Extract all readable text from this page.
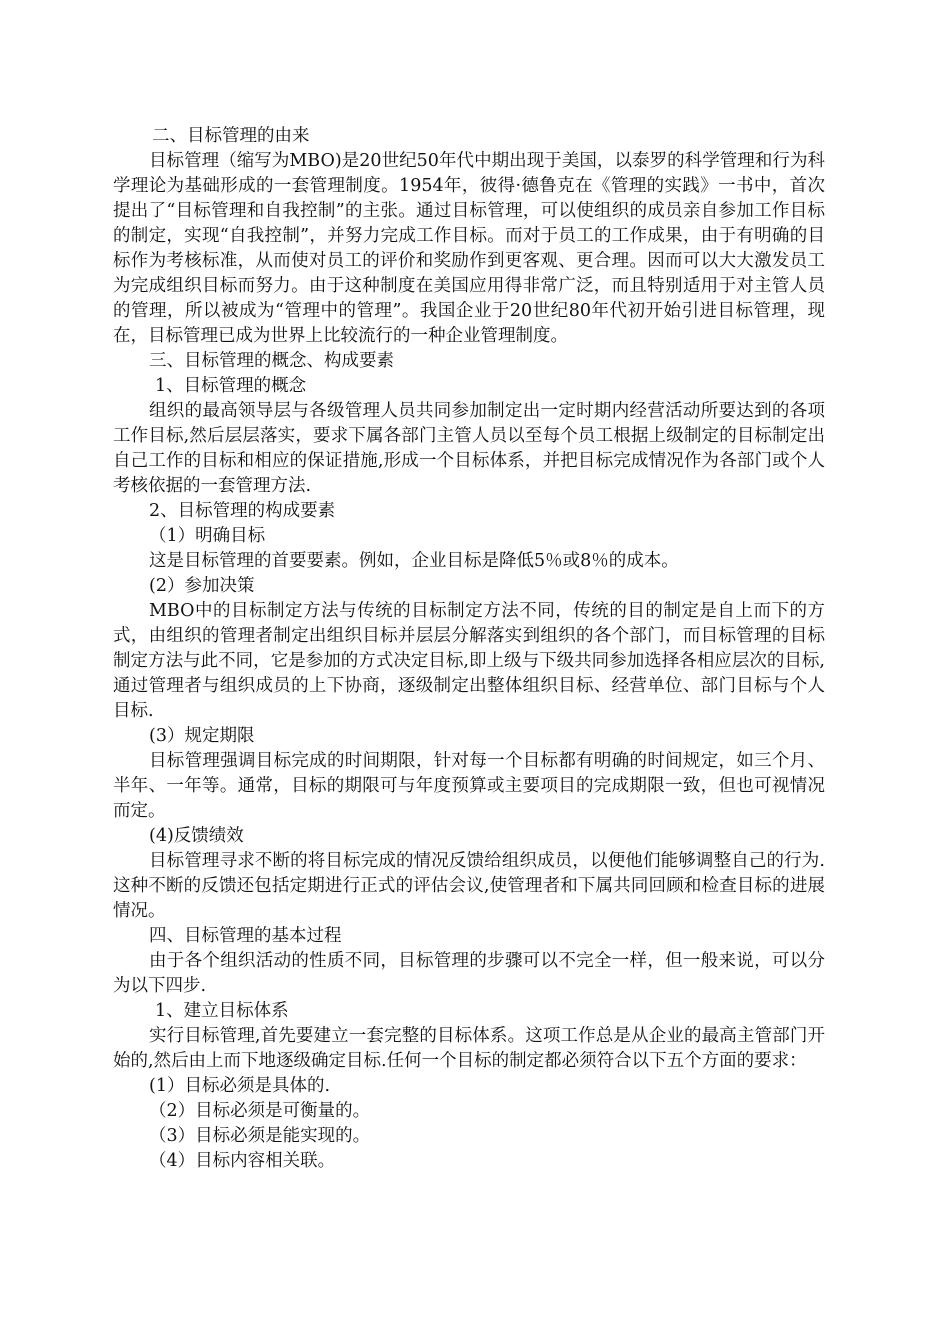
二、目标管理的由来

目标管理（缩写为MBO)是20世纪50年代中期出现于美国，以泰罗的科学管理和行为科学理论为基础形成的一套管理制度。1954年，彼得·德鲁克在《管理的实践》一书中，首次提出了“目标管理和自我控制”的主张。通过目标管理，可以使组织的成员亲自参加工作目标的制定，实现“自我控制”，并努力完成工作目标。而对于员工的工作成果，由于有明确的目标作为考核标准，从而使对员工的评价和奖励作到更客观、更合理。因而可以大大激发员工为完成组织目标而努力。由于这种制度在美国应用得非常广泛，而且特别适用于对主管人员的管理，所以被成为“管理中的管理”。我国企业于20世纪80年代初开始引进目标管理，现在，目标管理已成为世界上比较流行的一种企业管理制度。

三、目标管理的概念、构成要素

1、目标管理的概念

组织的最高领导层与各级管理人员共同参加制定出一定时期内经营活动所要达到的各项工作目标,然后层层落实，要求下属各部门主管人员以至每个员工根据上级制定的目标制定出自己工作的目标和相应的保证措施,形成一个目标体系，并把目标完成情况作为各部门或个人考核依据的一套管理方法.

2、目标管理的构成要素

（1）明确目标

这是目标管理的首要要素。例如，企业目标是降低5％或8％的成本。

(2）参加决策

MBO中的目标制定方法与传统的目标制定方法不同，传统的目的制定是自上而下的方式，由组织的管理者制定出组织目标并层层分解落实到组织的各个部门，而目标管理的目标制定方法与此不同，它是参加的方式决定目标,即上级与下级共同参加选择各相应层次的目标,通过管理者与组织成员的上下协商，逐级制定出整体组织目标、经营单位、部门目标与个人目标.

(3）规定期限

目标管理强调目标完成的时间期限，针对每一个目标都有明确的时间规定，如三个月、半年、一年等。通常，目标的期限可与年度预算或主要项目的完成期限一致，但也可视情况而定。

(4)反馈绩效

目标管理寻求不断的将目标完成的情况反馈给组织成员，以便他们能够调整自己的行为.这种不断的反馈还包括定期进行正式的评估会议,使管理者和下属共同回顾和检查目标的进展情况。

四、目标管理的基本过程

由于各个组织活动的性质不同，目标管理的步骤可以不完全一样，但一般来说，可以分为以下四步.

1、建立目标体系

实行目标管理,首先要建立一套完整的目标体系。这项工作总是从企业的最高主管部门开始的,然后由上而下地逐级确定目标.任何一个目标的制定都必须符合以下五个方面的要求：

(1）目标必须是具体的.

（2）目标必须是可衡量的。

（3）目标必须是能实现的。

（4）目标内容相关联。
